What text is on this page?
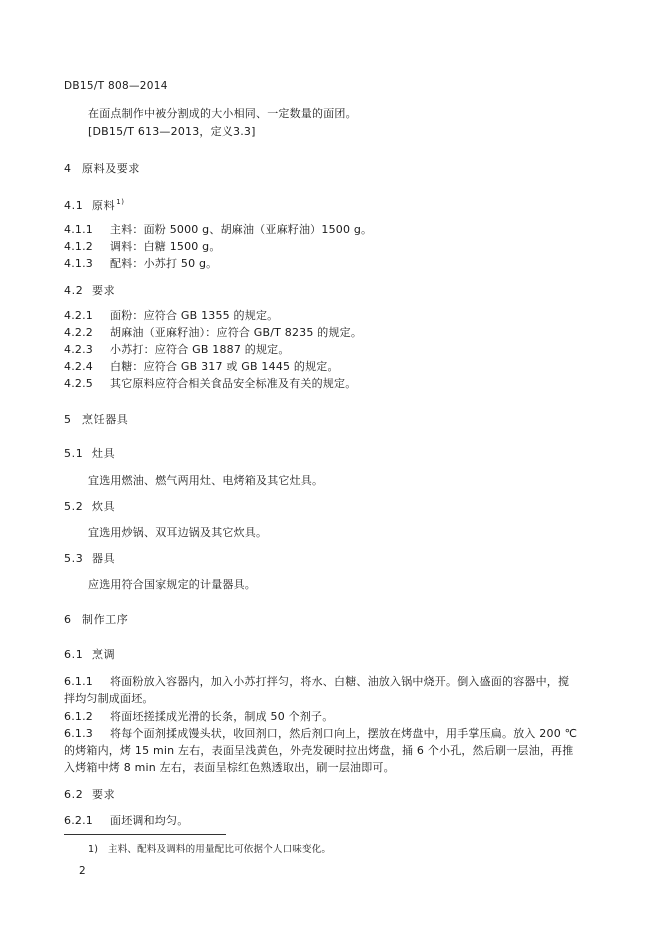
DB15/T 808—2014
在面点制作中被分割成的大小相同、一定数量的面团。
[DB15/T 613—2013，定义3.3]
4 原料及要求
4.1 原料$^{1)}$
4.1.1 主料：面粉 5000 g、胡麻油（亚麻籽油）1500 g。
4.1.2 调料：白糖 1500 g。
4.1.3 配料：小苏打 50 g。
4.2 要求
4.2.1 面粉：应符合 GB 1355 的规定。
4.2.2 胡麻油（亚麻籽油）：应符合 GB/T 8235 的规定。
4.2.3 小苏打：应符合 GB 1887 的规定。
4.2.4 白糖：应符合 GB 317 或 GB 1445 的规定。
4.2.5 其它原料应符合相关食品安全标准及有关的规定。
5 烹饪器具
5.1 灶具
宜选用燃油、燃气两用灶、电烤箱及其它灶具。
5.2 炊具
宜选用炒锅、双耳边锅及其它炊具。
5.3 器具
应选用符合国家规定的计量器具。
6 制作工序
6.1 烹调
6.1.1 将面粉放入容器内，加入小苏打拌匀，将水、白糖、油放入锅中烧开。倒入盛面的容器中，搅
拌均匀制成面坯。
6.1.2 将面坯搓揉成光滑的长条，制成 50 个剂子。
6.1.3 将每个面剂揉成馒头状，收回剂口，然后剂口向上，摆放在烤盘中，用手掌压扁。放入 200 ℃
的烤箱内，烤 15 min 左右，表面呈浅黄色，外壳发硬时拉出烤盘，捅 6 个小孔，然后刷一层油，再推
入烤箱中烤 8 min 左右，表面呈棕红色熟透取出，刷一层油即可。
6.2 要求
6.2.1 面坯调和均匀。
1) 主料、配料及调料的用量配比可依据个人口味变化。
2
